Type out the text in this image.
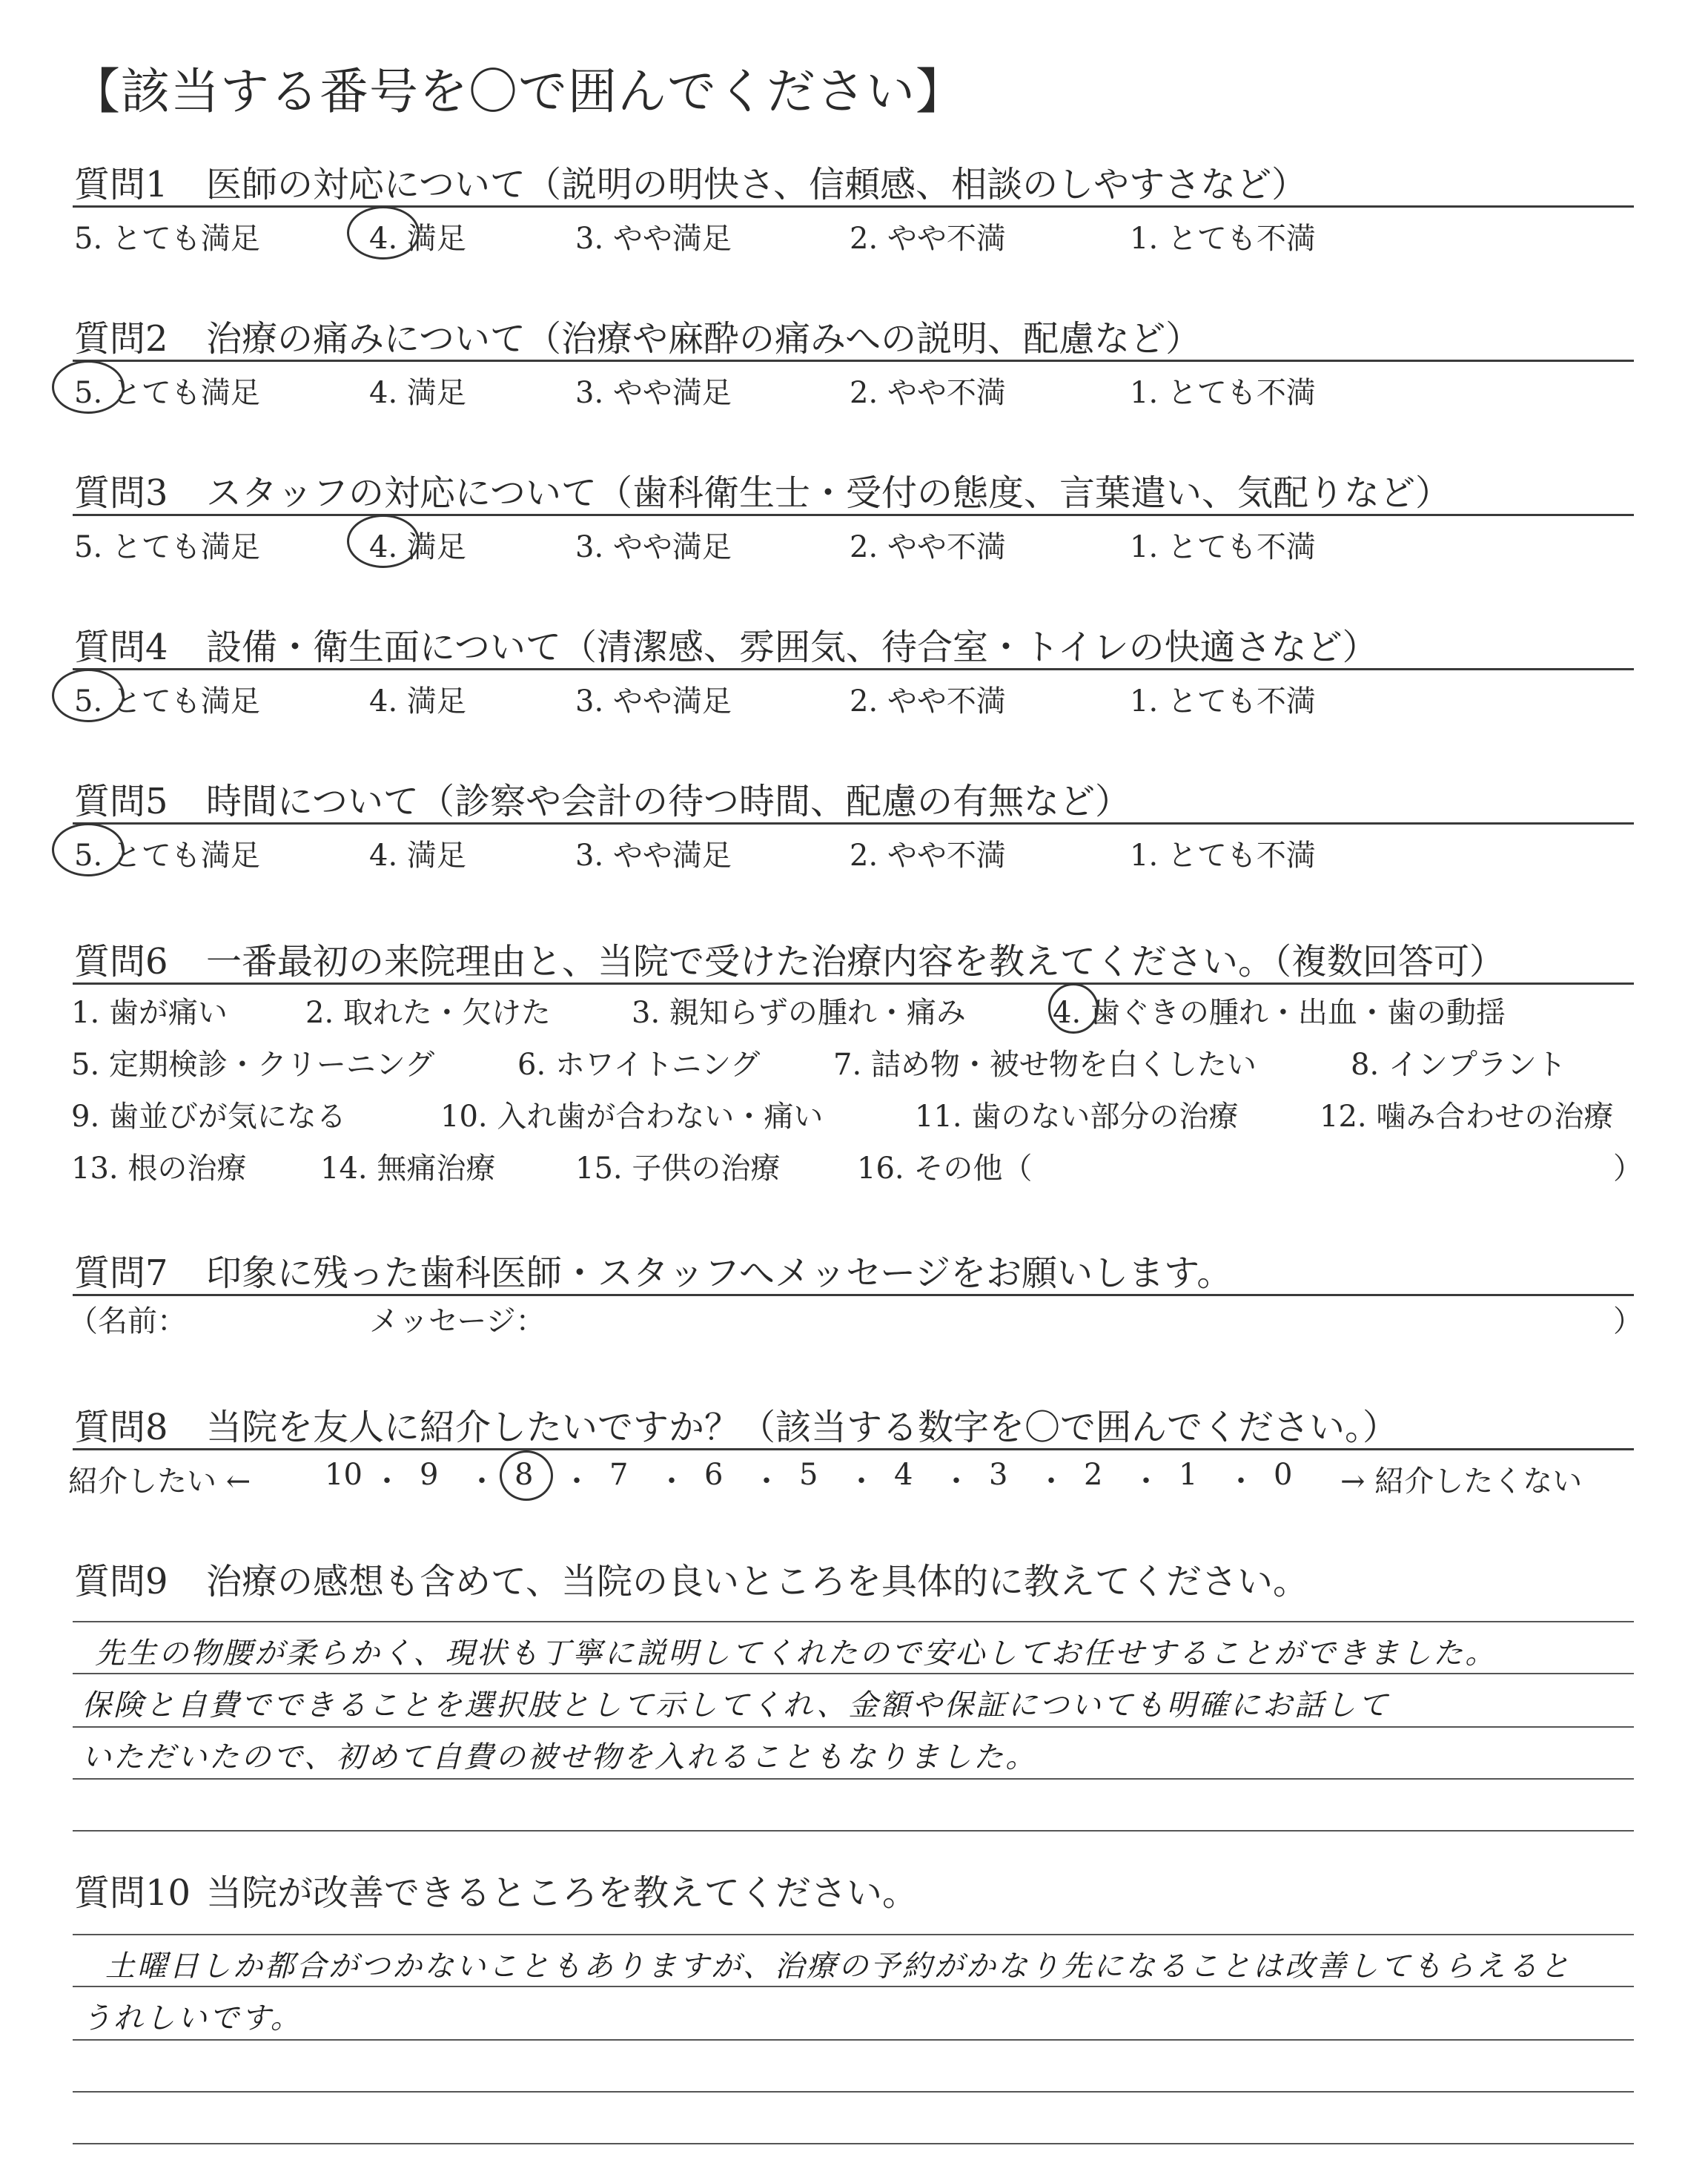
【該当する番号を〇で囲んでください】
質問1 医師の対応について（説明の明快さ、信頼感、相談のしやすさなど）
5. とても満足	4. 満足	3. やや満足	2. やや不満	1. とても不満
質問2 治療の痛みについて（治療や麻酔の痛みへの説明、配慮など）
5. とても満足	4. 満足	3. やや満足	2. やや不満	1. とても不満
質問3 スタッフの対応について（歯科衛生士・受付の態度、言葉遣い、気配りなど）
5. とても満足	4. 満足	3. やや満足	2. やや不満	1. とても不満
質問4 設備・衛生面について（清潔感、雰囲気、待合室・トイレの快適さなど）
5. とても満足	4. 満足	3. やや満足	2. やや不満	1. とても不満
質問5 時間について（診察や会計の待つ時間、配慮の有無など）
5. とても満足	4. 満足	3. やや満足	2. やや不満	1. とても不満
質問6 一番最初の来院理由と、当院で受けた治療内容を教えてください。（複数回答可）
1. 歯が痛い	2. 取れた・欠けた	3. 親知らずの腫れ・痛み	4. 歯ぐきの腫れ・出血・歯の動揺
5. 定期検診・クリーニング	6. ホワイトニング 7. 詰め物・被せ物を白くしたい	8. インプラント
9. 歯並びが気になる	10. 入れ歯が合わない・痛い	11. 歯のない部分の治療	12. 噛み合わせの治療
13. 根の治療 14. 無痛治療	15. 子供の治療	16. その他（	）
質問7 印象に残った歯科医師・スタッフへメッセージをお願いします。
（名前：	メッセージ：	）
質問8 当院を友人に紹介したいですか？（該当する数字を〇で囲んでください。）
紹介したい ←	→ 紹介したくない
10 ・ 9 ・ 8 ・ 7 ・ 6 ・ 5 ・ 4 ・ 3 ・ 2 ・ 1 ・ 0
質問9 治療の感想も含めて、当院の良いところを具体的に教えてください。
先生の物腰が柔らかく、現状も丁寧に説明してくれたので安心してお任せすることができました。
保険と自費でできることを選択肢として示してくれ、金額や保証についても明確にお話して
いただいたので、初めて自費の被せ物を入れることもなりました。
質問10 当院が改善できるところを教えてください。
土曜日しか都合がつかないこともありますが、治療の予約がかなり先になることは改善してもらえると
うれしいです。
